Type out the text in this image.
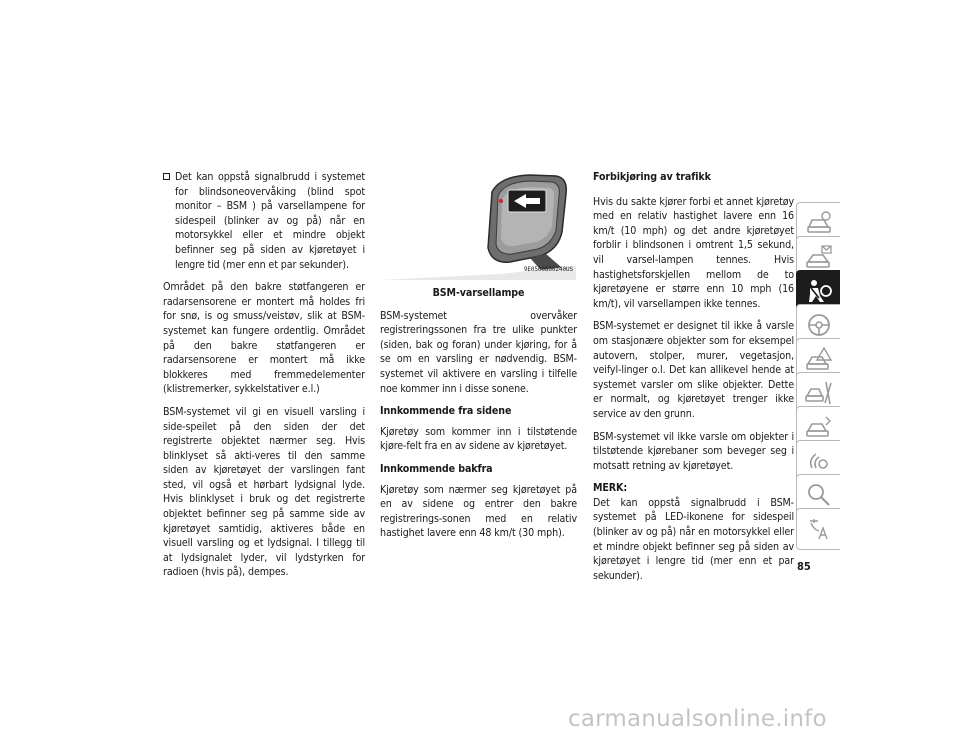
Det kan oppstå signalbrudd i systemet for blindsoneovervåking (blind spot monitor – BSM ) på varsellampene for sidespeil (blinker av og på) når en motorsykkel eller et mindre objekt befinner seg på siden av kjøretøyet i lengre tid (mer enn et par sekunder).

Området på den bakre støtfangeren er radarsensorene er montert må holdes fri for snø, is og smuss/veistøv, slik at BSM-systemet kan fungere ordentlig. Området på den bakre støtfangeren er radarsensorene er montert må ikke blokkeres med fremmedelementer (klistremerker, sykkelstativer e.l.)

BSM-systemet vil gi en visuell varsling i side-speilet på den siden der det registrerte objektet nærmer seg. Hvis blinklyset så akti-veres til den samme siden av kjøretøyet der varslingen fant sted, vil også et hørbart lydsignal lyde. Hvis blinklyset i bruk og det registrerte objektet befinner seg på samme side av kjøretøyet samtidig, aktiveres både en visuell varsling og et lydsignal. I tillegg til at lydsignalet lyder, vil lydstyrken for radioen (hvis på), dempes.

9E0500800240US
BSM-varsellampe

BSM-systemet overvåker registreringssonen fra tre ulike punkter (siden, bak og foran) under kjøring, for å se om en varsling er nødvendig. BSM-systemet vil aktivere en varsling i tilfelle noe kommer inn i disse sonene.

Innkommende fra sidene

Kjøretøy som kommer inn i tilstøtende kjøre-felt fra en av sidene av kjøretøyet.

Innkommende bakfra

Kjøretøy som nærmer seg kjøretøyet på en av sidene og entrer den bakre registrerings-sonen med en relativ hastighet lavere enn 48 km/t (30 mph).

Forbikjøring av trafikk

Hvis du sakte kjører forbi et annet kjøretøy med en relativ hastighet lavere enn 16 km/t (10 mph) og det andre kjøretøyet forblir i blindsonen i omtrent 1,5 sekund, vil varsel-lampen tennes. Hvis hastighetsforskjellen mellom de to kjøretøyene er større enn 10 mph (16 km/t), vil varsellampen ikke tennes.

BSM-systemet er designet til ikke å varsle om stasjonære objekter som for eksempel autovern, stolper, murer, vegetasjon, veifyl-linger o.l. Det kan allikevel hende at systemet varsler om slike objekter. Dette er normalt, og kjøretøyet trenger ikke service av den grunn.

BSM-systemet vil ikke varsle om objekter i tilstøtende kjørebaner som beveger seg i motsatt retning av kjøretøyet.

MERK:

Det kan oppstå signalbrudd i BSM-systemet på LED-ikonene for sidespeil (blinker av og på) når en motorsykkel eller et mindre objekt befinner seg på siden av kjøretøyet i lengre tid (mer enn et par sekunder).

85
carmanualsonline.info
